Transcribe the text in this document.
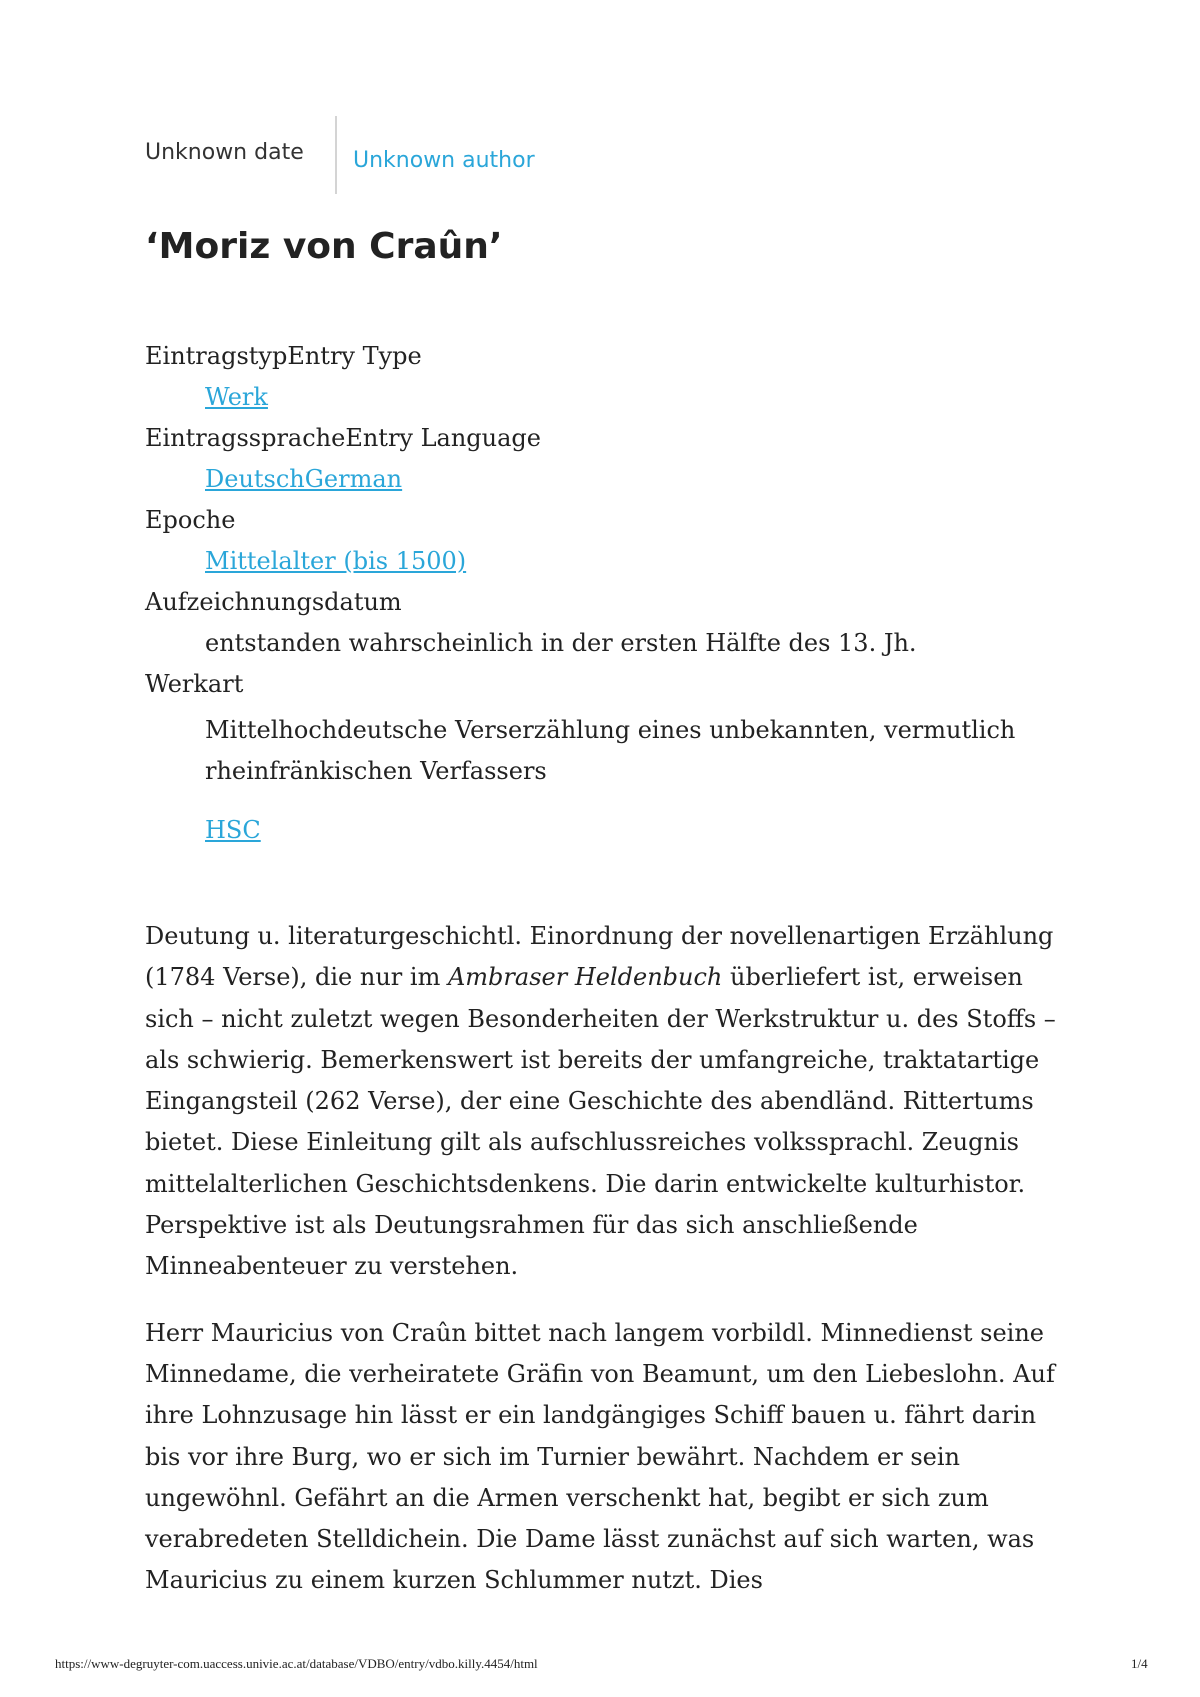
Unknown date Unknown author
‘Moriz von Craûn’
EintragstypEntry Type
Werk
EintragsspracheEntry Language
DeutschGerman
Epoche
Mittelalter (bis 1500)
Aufzeichnungsdatum
entstanden wahrscheinlich in der ersten Hälfte des 13. Jh.
Werkart
Mittelhochdeutsche Verserzählung eines unbekannten, vermutlich rheinfränkischen Verfassers
HSC

Deutung u. literaturgeschichtl. Einordnung der novellenartigen Erzählung (1784 Verse), die nur im Ambraser Heldenbuch überliefert ist, erweisen sich – nicht zuletzt wegen Besonderheiten der Werkstruktur u. des Stoffs – als schwierig. Bemerkenswert ist bereits der umfangreiche, traktatartige Eingangsteil (262 Verse), der eine Geschichte des abendländ. Rittertums bietet. Diese Einleitung gilt als aufschlussreiches volkssprachl. Zeugnis mittelalterlichen Geschichtsdenkens. Die darin entwickelte kulturhistor. Perspektive ist als Deutungsrahmen für das sich anschließende Minneabenteuer zu verstehen.

Herr Mauricius von Craûn bittet nach langem vorbildl. Minnedienst seine Minnedame, die verheiratete Gräfin von Beamunt, um den Liebeslohn. Auf ihre Lohnzusage hin lässt er ein landgängiges Schiff bauen u. fährt darin bis vor ihre Burg, wo er sich im Turnier bewährt. Nachdem er sein ungewöhnl. Gefährt an die Armen verschenkt hat, begibt er sich zum verabredeten Stelldichein. Die Dame lässt zunächst auf sich warten, was Mauricius zu einem kurzen Schlummer nutzt. Dies

https://www-degruyter-com.uaccess.univie.ac.at/database/VDBO/entry/vdbo.killy.4454/html	1/4
